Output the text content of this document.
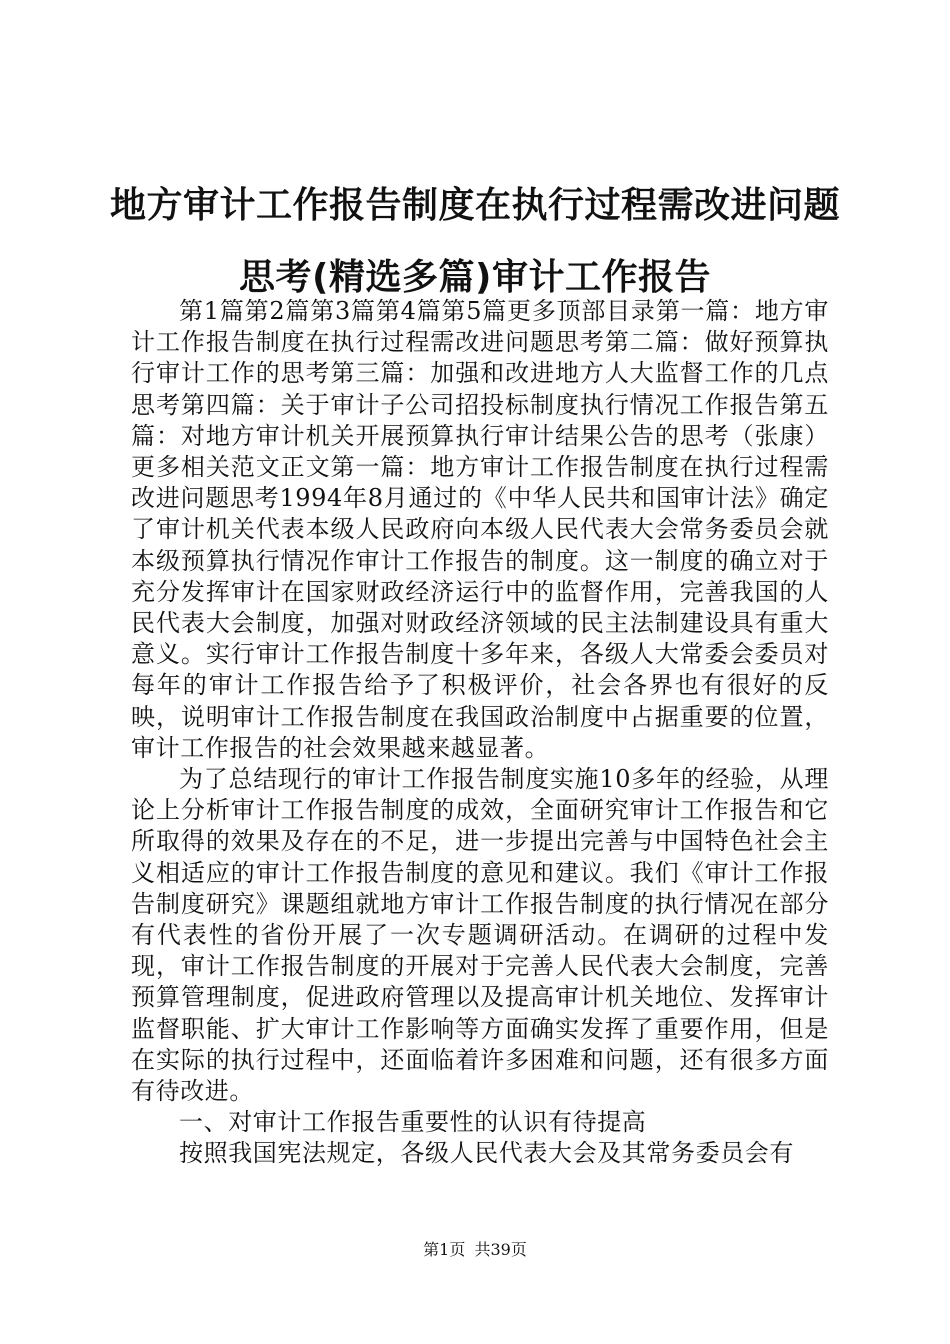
地方审计工作报告制度在执行过程需改进问题
思考(精选多篇)审计工作报告

第1篇第2篇第3篇第4篇第5篇更多顶部目录第一篇：地方审计工作报告制度在执行过程需改进问题思考第二篇：做好预算执行审计工作的思考第三篇：加强和改进地方人大监督工作的几点思考第四篇：关于审计子公司招投标制度执行情况工作报告第五篇：对地方审计机关开展预算执行审计结果公告的思考（张康）更多相关范文正文第一篇：地方审计工作报告制度在执行过程需改进问题思考1994年8月通过的《中华人民共和国审计法》确定了审计机关代表本级人民政府向本级人民代表大会常务委员会就本级预算执行情况作审计工作报告的制度。这一制度的确立对于充分发挥审计在国家财政经济运行中的监督作用，完善我国的人民代表大会制度，加强对财政经济领域的民主法制建设具有重大意义。实行审计工作报告制度十多年来，各级人大常委会委员对每年的审计工作报告给予了积极评价，社会各界也有很好的反映，说明审计工作报告制度在我国政治制度中占据重要的位置，审计工作报告的社会效果越来越显著。

为了总结现行的审计工作报告制度实施10多年的经验，从理论上分析审计工作报告制度的成效，全面研究审计工作报告和它所取得的效果及存在的不足，进一步提出完善与中国特色社会主义相适应的审计工作报告制度的意见和建议。我们《审计工作报告制度研究》课题组就地方审计工作报告制度的执行情况在部分有代表性的省份开展了一次专题调研活动。在调研的过程中发现，审计工作报告制度的开展对于完善人民代表大会制度，完善预算管理制度，促进政府管理以及提高审计机关地位、发挥审计监督职能、扩大审计工作影响等方面确实发挥了重要作用，但是在实际的执行过程中，还面临着许多困难和问题，还有很多方面有待改进。

一、对审计工作报告重要性的认识有待提高

按照我国宪法规定，各级人民代表大会及其常务委员会有

第1页 共39页
